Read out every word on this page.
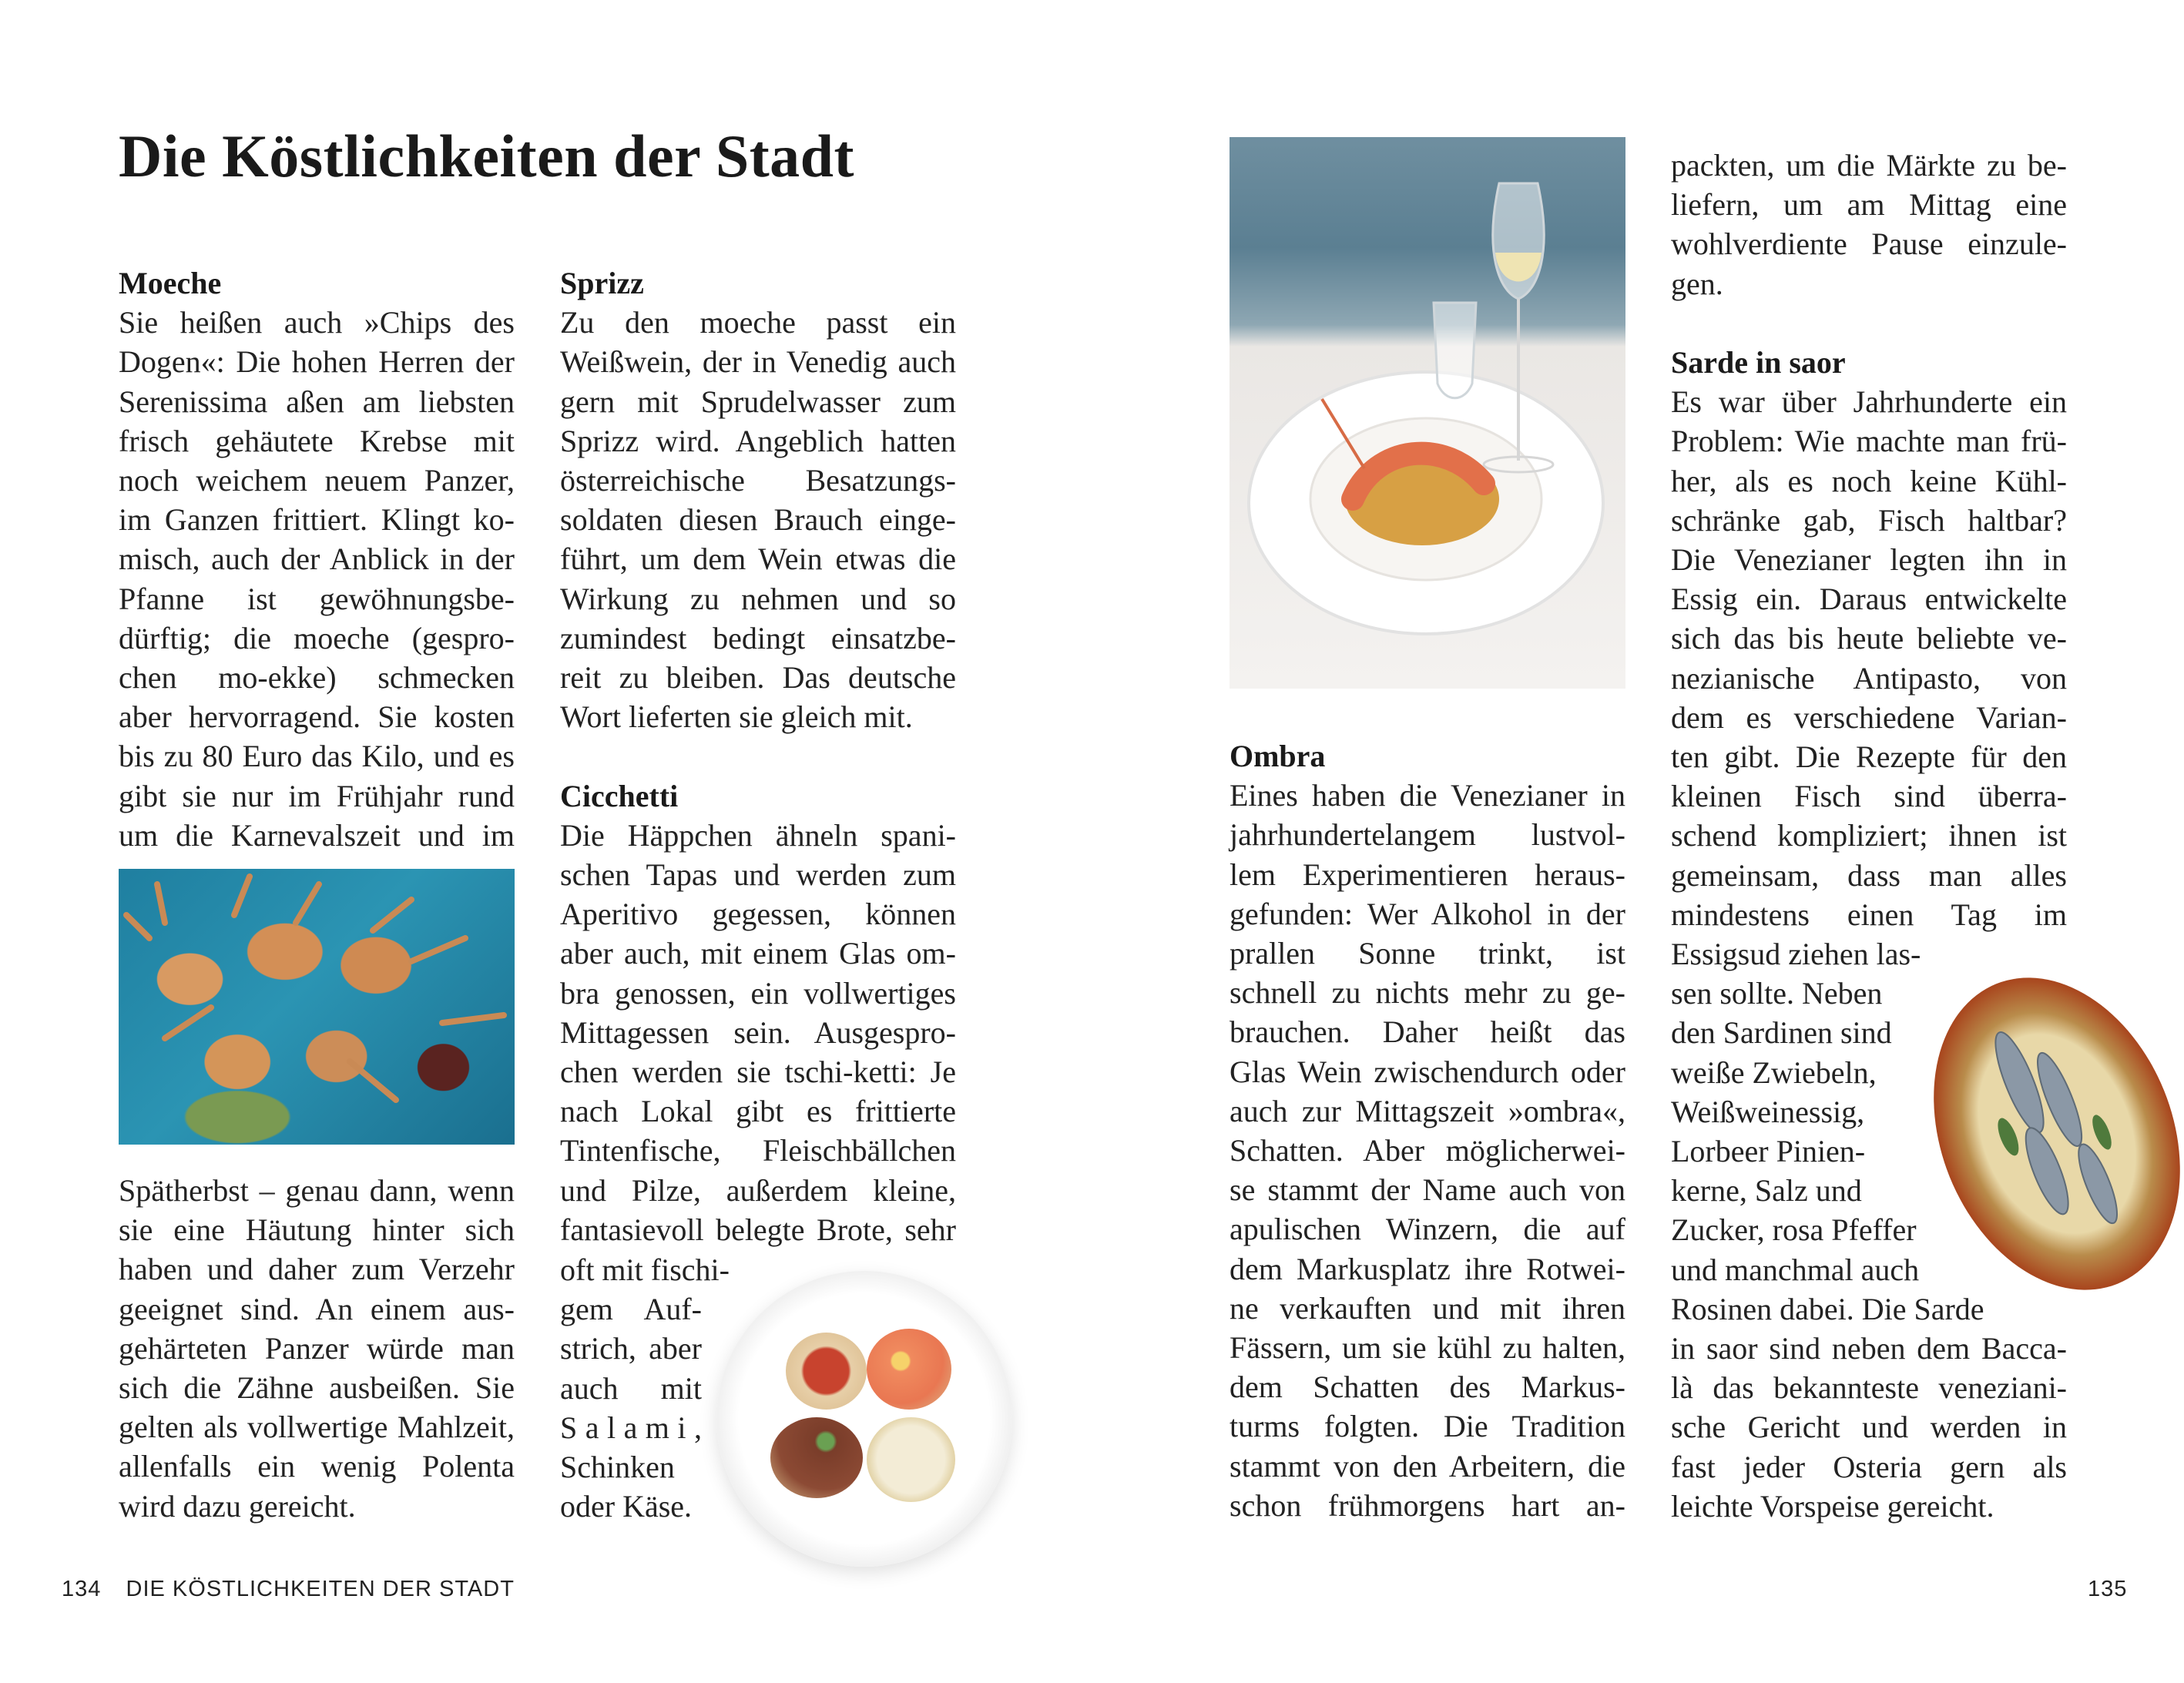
Die Köstlichkeiten der Stadt
Moeche
Sie heißen auch »Chips des
Dogen«: Die hohen Herren der
Serenissima aßen am liebsten
frisch gehäutete Krebse mit
noch weichem neuem Panzer,
im Ganzen frittiert. Klingt ko-
misch, auch der Anblick in der
Pfanne ist gewöhnungsbe-
dürftig; die moeche (gespro-
chen mo-ekke) schmecken
aber hervorragend. Sie kosten
bis zu 80 Euro das Kilo, und es
gibt sie nur im Frühjahr rund
um die Karnevalszeit und im
Spätherbst – genau dann, wenn
sie eine Häutung hinter sich
haben und daher zum Verzehr
geeignet sind. An einem aus-
gehärteten Panzer würde man
sich die Zähne ausbeißen. Sie
gelten als vollwertige Mahlzeit,
allenfalls ein wenig Polenta
wird dazu gereicht.
Sprizz
Zu den moeche passt ein
Weißwein, der in Venedig auch
gern mit Sprudelwasser zum
Sprizz wird. Angeblich hatten
österreichische Besatzungs-
soldaten diesen Brauch einge-
führt, um dem Wein etwas die
Wirkung zu nehmen und so
zumindest bedingt einsatzbe-
reit zu bleiben. Das deutsche
Wort lieferten sie gleich mit.
Cicchetti
Die Häppchen ähneln spani-
schen Tapas und werden zum
Aperitivo gegessen, können
aber auch, mit einem Glas om-
bra genossen, ein vollwertiges
Mittagessen sein. Ausgespro-
chen werden sie tschi-ketti: Je
nach Lokal gibt es frittierte
Tintenfische, Fleischbällchen
und Pilze, außerdem kleine,
fantasievoll belegte Brote, sehr
oft mit fischi-
gem Auf-
strich, aber
auch mit
S a l a m i ,
Schinken
oder Käse.
Ombra
Eines haben die Venezianer in
jahrhundertelangem lustvol-
lem Experimentieren heraus-
gefunden: Wer Alkohol in der
prallen Sonne trinkt, ist
schnell zu nichts mehr zu ge-
brauchen. Daher heißt das
Glas Wein zwischendurch oder
auch zur Mittagszeit »ombra«,
Schatten. Aber möglicherwei-
se stammt der Name auch von
apulischen Winzern, die auf
dem Markusplatz ihre Rotwei-
ne verkauften und mit ihren
Fässern, um sie kühl zu halten,
dem Schatten des Markus-
turms folgten. Die Tradition
stammt von den Arbeitern, die
schon frühmorgens hart an-
packten, um die Märkte zu be-
liefern, um am Mittag eine
wohlverdiente Pause einzule-
gen.
Sarde in saor
Es war über Jahrhunderte ein
Problem: Wie machte man frü-
her, als es noch keine Kühl-
schränke gab, Fisch haltbar?
Die Venezianer legten ihn in
Essig ein. Daraus entwickelte
sich das bis heute beliebte ve-
nezianische Antipasto, von
dem es verschiedene Varian-
ten gibt. Die Rezepte für den
kleinen Fisch sind überra-
schend kompliziert; ihnen ist
gemeinsam, dass man alles
mindestens einen Tag im
Essigsud ziehen las-
sen sollte. Neben
den Sardinen sind
weiße Zwiebeln,
Weißweinessig,
Lorbeer Pinien-
kerne, Salz und
Zucker, rosa Pfeffer
und manchmal auch
Rosinen dabei. Die Sarde
in saor sind neben dem Bacca-
là das bekannteste veneziani-
sche Gericht und werden in
fast jeder Osteria gern als
leichte Vorspeise gereicht.
134 DIE KÖSTLICHKEITEN DER STADT	135
